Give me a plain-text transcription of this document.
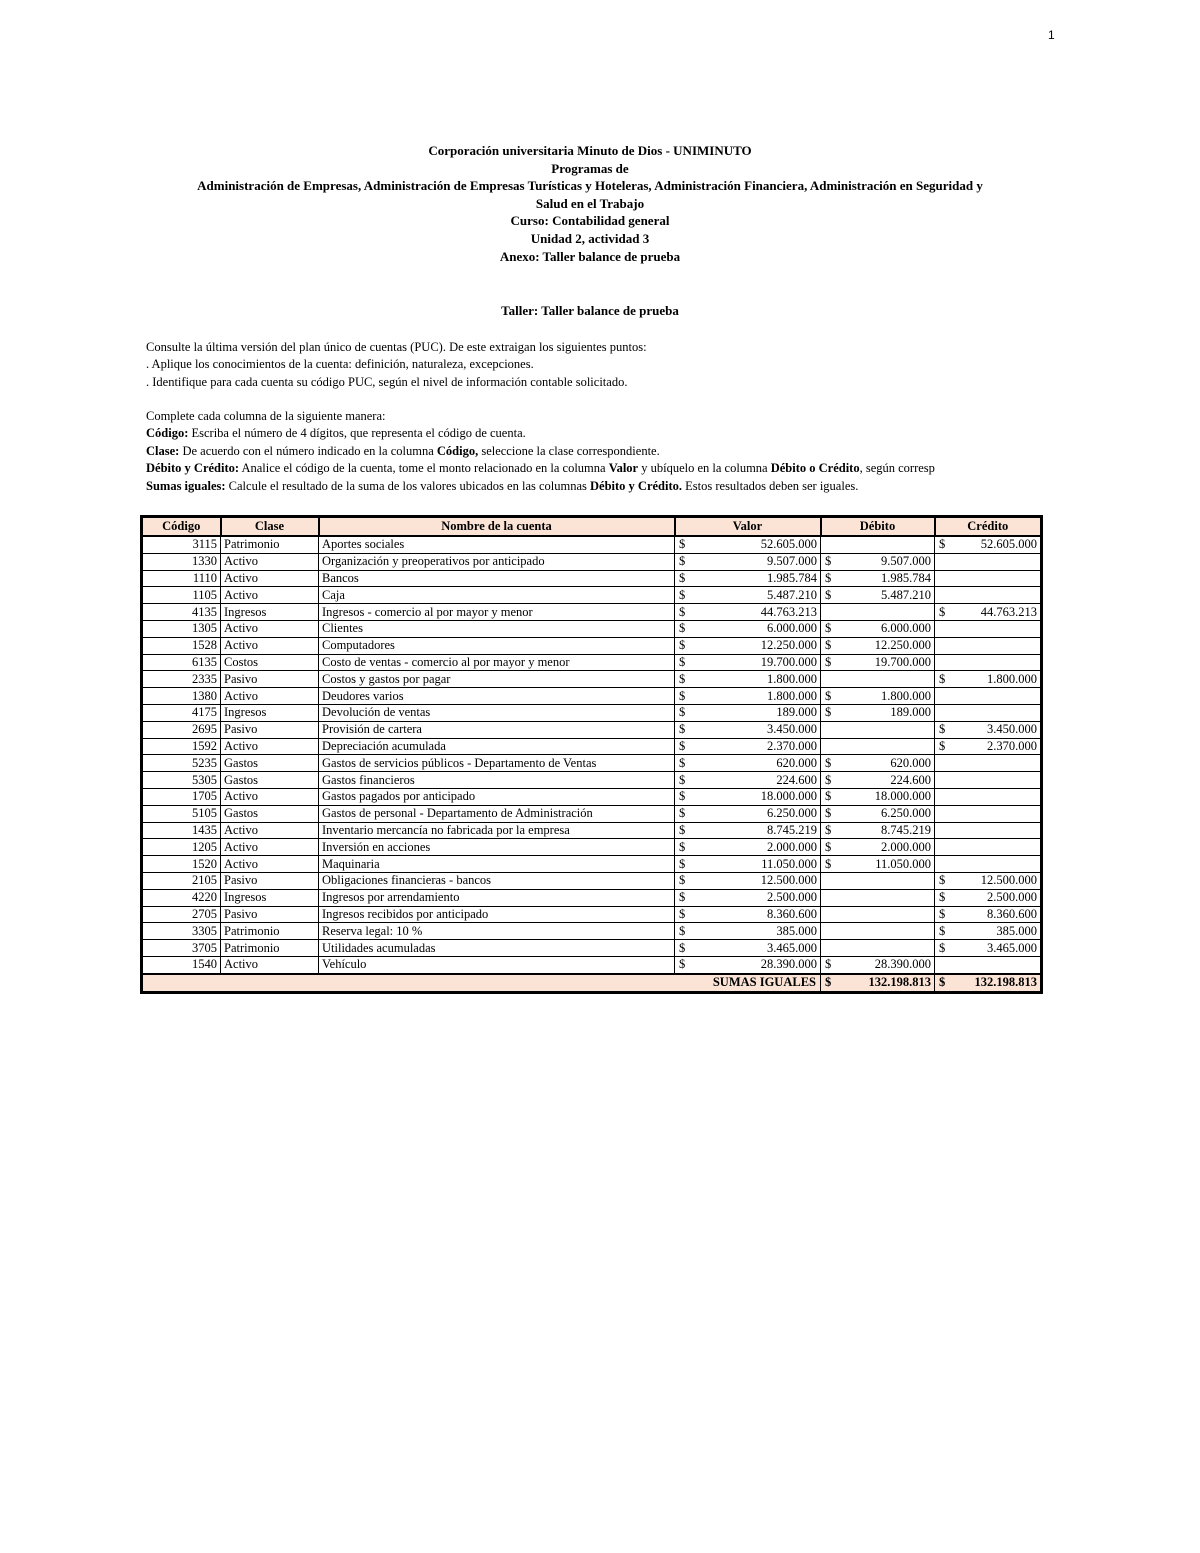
1
Corporación universitaria Minuto de Dios - UNIMINUTO
Programas de
Administración de Empresas, Administración de Empresas Turísticas y Hoteleras, Administración Financiera, Administración en Seguridad y
Salud en el Trabajo
Curso: Contabilidad general
Unidad 2, actividad 3
Anexo: Taller balance de prueba
Taller: Taller balance de prueba
Consulte la última versión del plan único de cuentas (PUC). De este extraigan los siguientes puntos:
. Aplique los conocimientos de la cuenta: definición, naturaleza, excepciones.
. Identifique para cada cuenta su código PUC, según el nivel de información contable solicitado.
Complete cada columna de la siguiente manera:
Código: Escriba el número de 4 dígitos, que representa el código de cuenta.
Clase: De acuerdo con el número indicado en la columna Código, seleccione la clase correspondiente.
Débito y Crédito: Analice el código de la cuenta, tome el monto relacionado en la columna Valor y ubíquelo en la columna Débito o Crédito, según corresp
Sumas iguales: Calcule el resultado de la suma de los valores ubicados en las columnas Débito y Crédito. Estos resultados deben ser iguales.
Código	Clase	Nombre de la cuenta	Valor	Débito	Crédito
3115	Patrimonio	Aportes sociales	$ 52.605.000		$ 52.605.000
1330	Activo	Organización y preoperativos por anticipado	$ 9.507.000	$ 9.507.000	
1110	Activo	Bancos	$ 1.985.784	$ 1.985.784	
1105	Activo	Caja	$ 5.487.210	$ 5.487.210	
4135	Ingresos	Ingresos - comercio al por mayor y menor	$ 44.763.213		$ 44.763.213
1305	Activo	Clientes	$ 6.000.000	$ 6.000.000	
1528	Activo	Computadores	$ 12.250.000	$ 12.250.000	
6135	Costos	Costo de ventas - comercio al por mayor y menor	$ 19.700.000	$ 19.700.000	
2335	Pasivo	Costos y gastos por pagar	$ 1.800.000		$ 1.800.000
1380	Activo	Deudores varios	$ 1.800.000	$ 1.800.000	
4175	Ingresos	Devolución de ventas	$ 189.000	$ 189.000	
2695	Pasivo	Provisión de cartera	$ 3.450.000		$ 3.450.000
1592	Activo	Depreciación acumulada	$ 2.370.000		$ 2.370.000
5235	Gastos	Gastos de servicios públicos - Departamento de Ventas	$ 620.000	$ 620.000	
5305	Gastos	Gastos financieros	$ 224.600	$ 224.600	
1705	Activo	Gastos pagados por anticipado	$ 18.000.000	$ 18.000.000	
5105	Gastos	Gastos de personal - Departamento de Administración	$ 6.250.000	$ 6.250.000	
1435	Activo	Inventario mercancía no fabricada por la empresa	$ 8.745.219	$ 8.745.219	
1205	Activo	Inversión en acciones	$ 2.000.000	$ 2.000.000	
1520	Activo	Maquinaria	$ 11.050.000	$ 11.050.000	
2105	Pasivo	Obligaciones financieras - bancos	$ 12.500.000		$ 12.500.000
4220	Ingresos	Ingresos por arrendamiento	$ 2.500.000		$ 2.500.000
2705	Pasivo	Ingresos recibidos por anticipado	$ 8.360.600		$ 8.360.600
3305	Patrimonio	Reserva legal: 10 %	$ 385.000		$ 385.000
3705	Patrimonio	Utilidades acumuladas	$ 3.465.000		$ 3.465.000
1540	Activo	Vehículo	$ 28.390.000	$ 28.390.000	
SUMAS IGUALES				$ 132.198.813	$ 132.198.813
